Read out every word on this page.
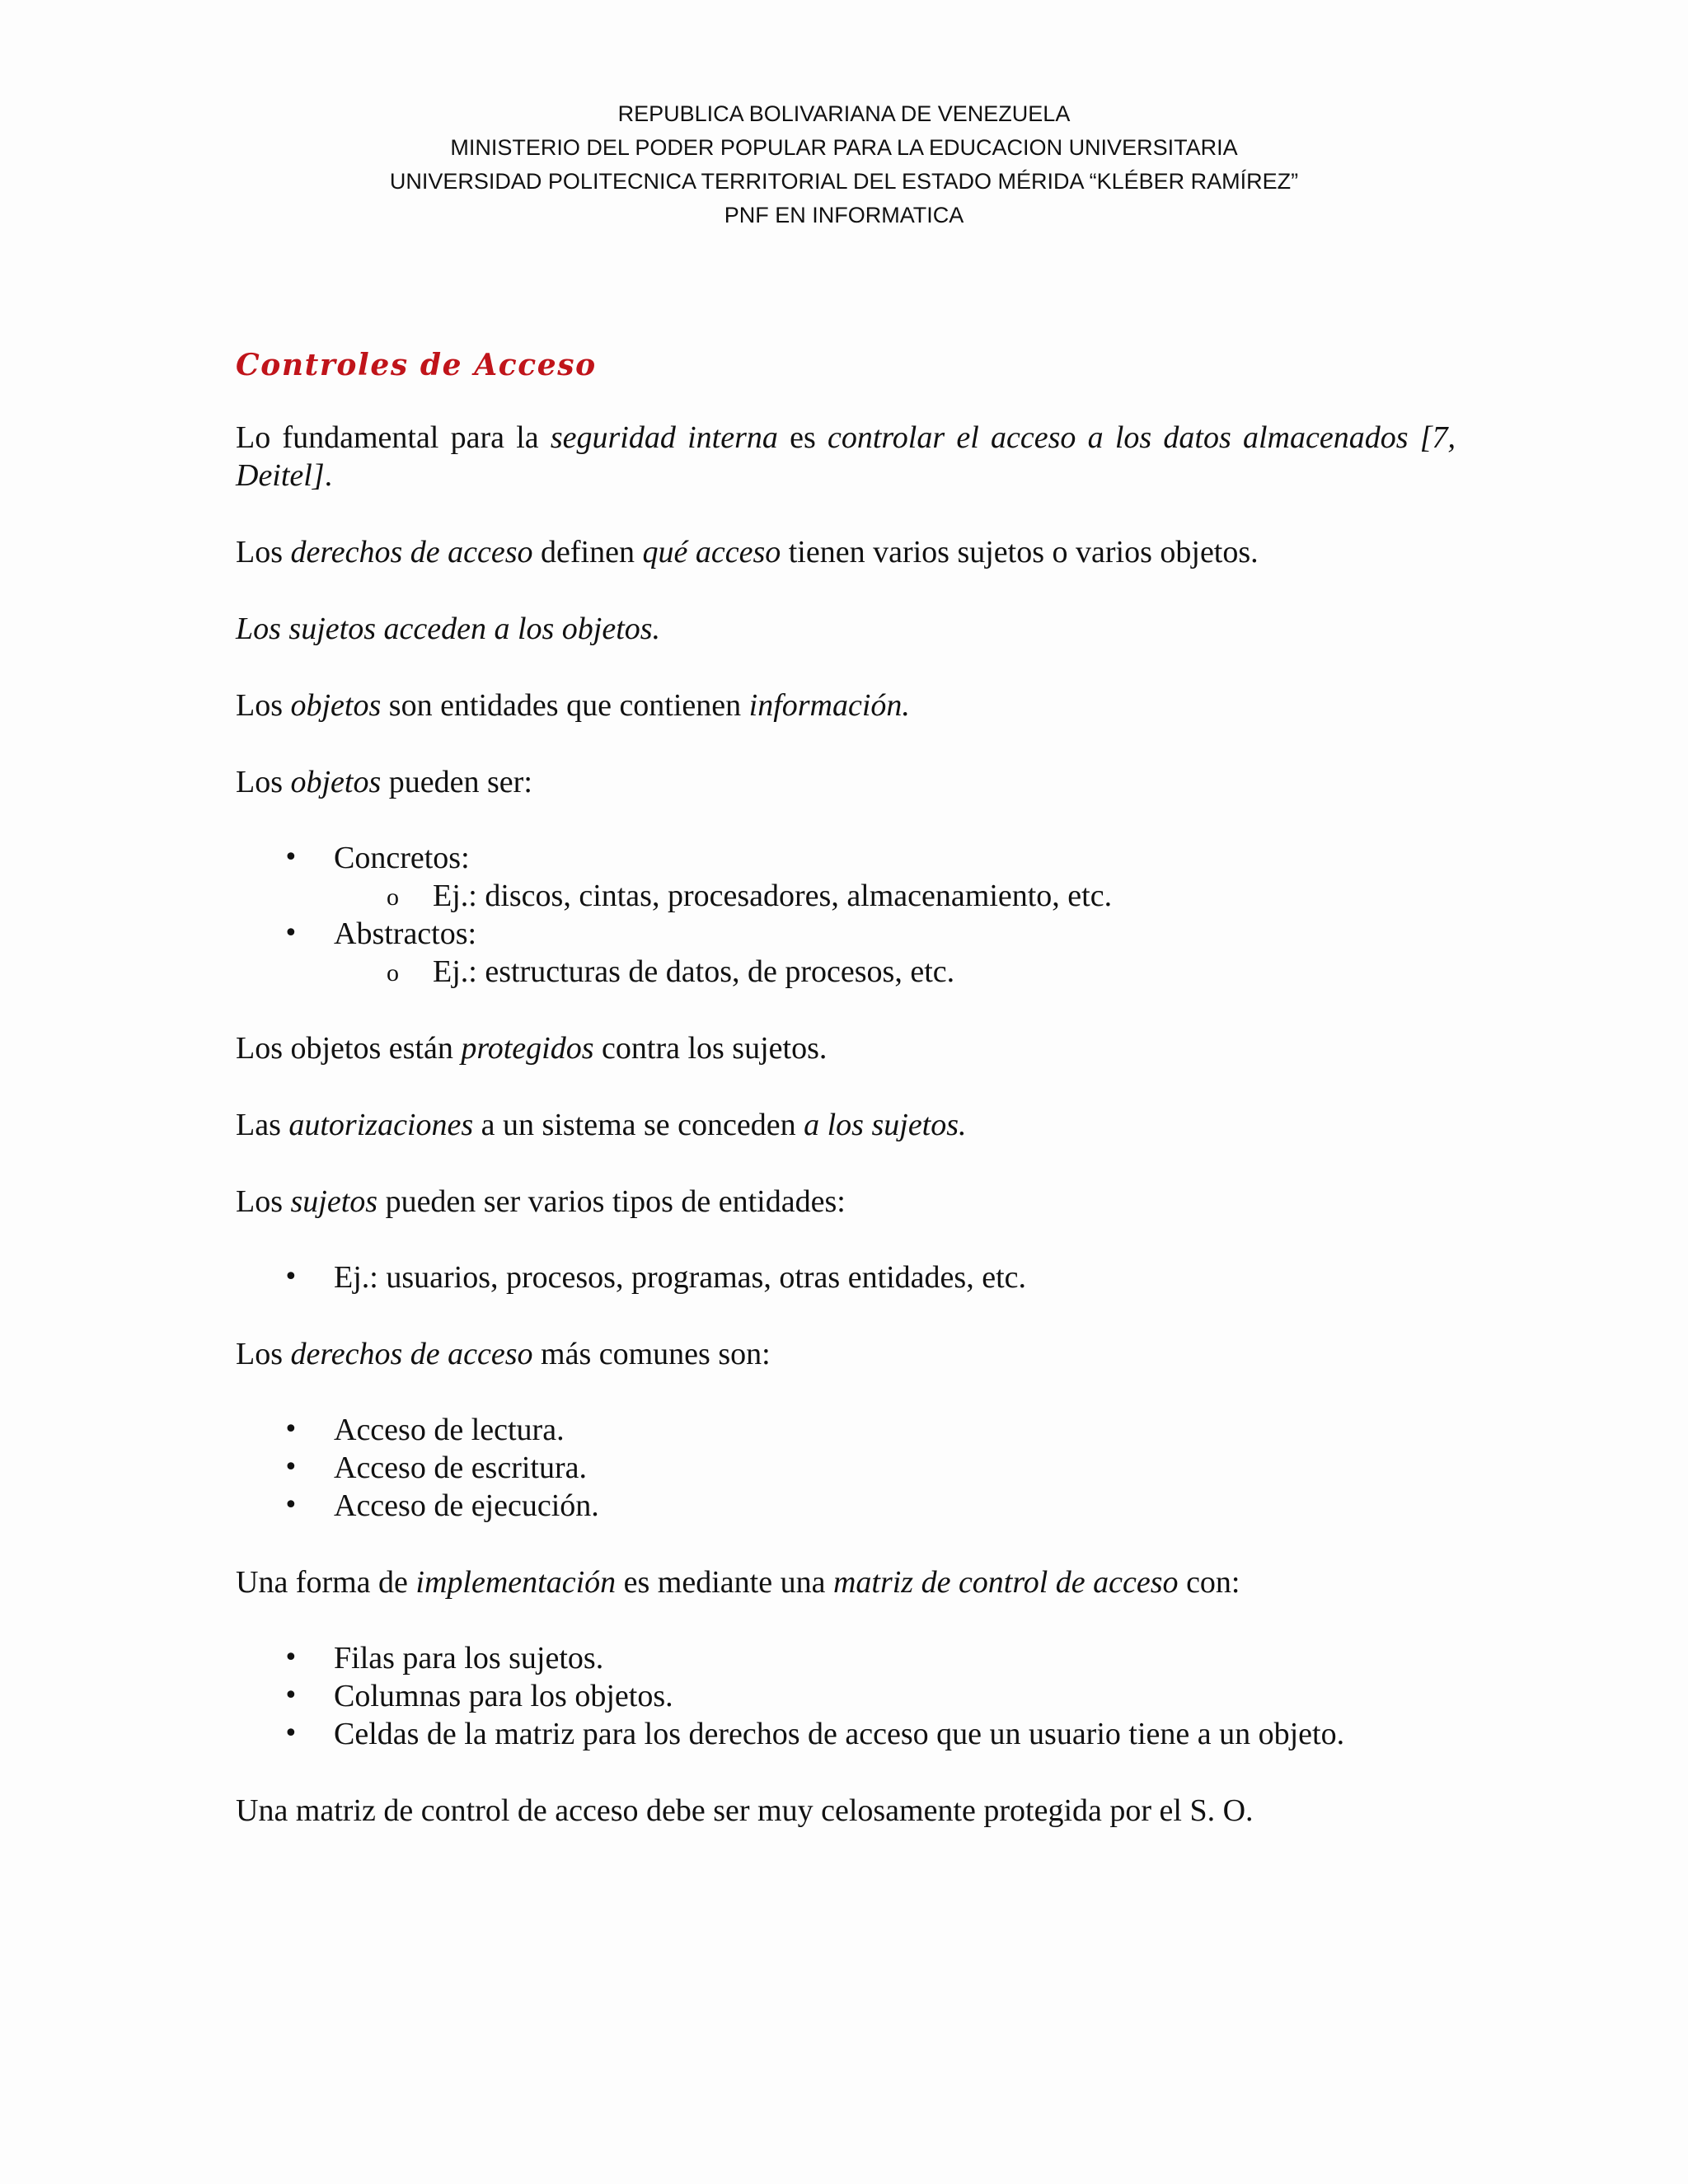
REPUBLICA BOLIVARIANA DE VENEZUELA
MINISTERIO DEL PODER POPULAR PARA LA EDUCACION UNIVERSITARIA
UNIVERSIDAD POLITECNICA TERRITORIAL DEL ESTADO MÉRIDA “KLÉBER RAMÍREZ”
PNF EN INFORMATICA
Controles de Acceso

Lo fundamental para la seguridad interna es controlar el acceso a los datos almacenados [7, Deitel].

Los derechos de acceso definen qué acceso tienen varios sujetos o varios objetos.

Los sujetos acceden a los objetos.

Los objetos son entidades que contienen información.

Los objetos pueden ser:

• Concretos:
o Ej.: discos, cintas, procesadores, almacenamiento, etc.
• Abstractos:
o Ej.: estructuras de datos, de procesos, etc.

Los objetos están protegidos contra los sujetos.

Las autorizaciones a un sistema se conceden a los sujetos.

Los sujetos pueden ser varios tipos de entidades:

• Ej.: usuarios, procesos, programas, otras entidades, etc.

Los derechos de acceso más comunes son:

• Acceso de lectura.
• Acceso de escritura.
• Acceso de ejecución.

Una forma de implementación es mediante una matriz de control de acceso con:

• Filas para los sujetos.
• Columnas para los objetos.
• Celdas de la matriz para los derechos de acceso que un usuario tiene a un objeto.

Una matriz de control de acceso debe ser muy celosamente protegida por el S. O.
